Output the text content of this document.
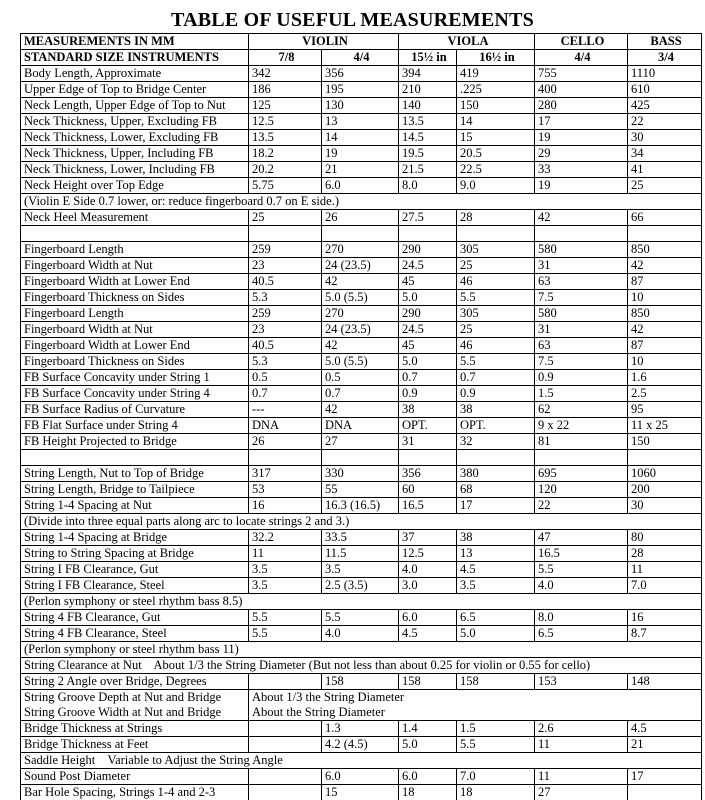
TABLE OF USEFUL MEASUREMENTS
MEASUREMENTS IN MM	VIOLIN		VIOLA		CELLO	BASS
STANDARD SIZE INSTRUMENTS	7/8	4/4	15½ in	16½ in	4/4	3/4
Body Length, Approximate	342	356	394	419	755	1110
Upper Edge of Top to Bridge Center	186	195	210	.225	400	610
Neck Length, Upper Edge of Top to Nut	125	130	140	150	280	425
Neck Thickness, Upper, Excluding FB	12.5	13	13.5	14	17	22
Neck Thickness, Lower, Excluding FB	13.5	14	14.5	15	19	30
Neck Thickness, Upper, Including FB	18.2	19	19.5	20.5	29	34
Neck Thickness, Lower, Including FB	20.2	21	21.5	22.5	33	41
Neck Height over Top Edge	5.75	6.0	8.0	9.0	19	25
(Violin E Side 0.7 lower, or: reduce fingerboard 0.7 on E side.)						
Neck Heel Measurement	25	26	27.5	28	42	66

Fingerboard Length	259	270	290	305	580	850
Fingerboard Width at Nut	23	24 (23.5)	24.5	25	31	42
Fingerboard Width at Lower End	40.5	42	45	46	63	87
Fingerboard Thickness on Sides	5.3	5.0 (5.5)	5.0	5.5	7.5	10
Fingerboard Length	259	270	290	305	580	850
Fingerboard Width at Nut	23	24 (23.5)	24.5	25	31	42
Fingerboard Width at Lower End	40.5	42	45	46	63	87
Fingerboard Thickness on Sides	5.3	5.0 (5.5)	5.0	5.5	7.5	10
FB Surface Concavity under String 1	0.5	0.5	0.7	0.7	0.9	1.6
FB Surface Concavity under String 4	0.7	0.7	0.9	0.9	1.5	2.5
FB Surface Radius of Curvature	---	42	38	38	62	95
FB Flat Surface under String 4	DNA	DNA	OPT.	OPT.	9 x 22	11 x 25
FB Height Projected to Bridge	26	27	31	32	81	150

String Length, Nut to Top of Bridge	317	330	356	380	695	1060
String Length, Bridge to Tailpiece	53	55	60	68	120	200
String 1-4 Spacing at Nut	16	16.3 (16.5)	16.5	17	22	30
(Divide into three equal parts along arc to locate strings 2 and 3.)						
String 1-4 Spacing at Bridge	32.2	33.5	37	38	47	80
String to String Spacing at Bridge	11	11.5	12.5	13	16.5	28
String I FB Clearance, Gut	3.5	3.5	4.0	4.5	5.5	11
String I FB Clearance, Steel	3.5	2.5 (3.5)	3.0	3.5	4.0	7.0
(Perlon symphony or steel rhythm bass 8.5)						
String 4 FB Clearance, Gut	5.5	5.5	6.0	6.5	8.0	16
String 4 FB Clearance, Steel	5.5	4.0	4.5	5.0	6.5	8.7
(Perlon symphony or steel rhythm bass 11)						
String Clearance at Nut    About 1/3 the String Diameter (But not less than about 0.25 for violin or 0.55 for cello)						
String 2 Angle over Bridge, Degrees		158	158	158	153	148
String Groove Depth at Nut and Bridge	About 1/3 the String Diameter					
String Groove Width at Nut and Bridge	About the String Diameter					
Bridge Thickness at Strings		1.3	1.4	1.5	2.6	4.5
Bridge Thickness at Feet		4.2 (4.5)	5.0	5.5	11	21
Saddle Height    Variable to Adjust the String Angle						
Sound Post Diameter		6.0	6.0	7.0	11	17
Bar Hole Spacing, Strings 1-4 and 2-3		15	18	18	27	
